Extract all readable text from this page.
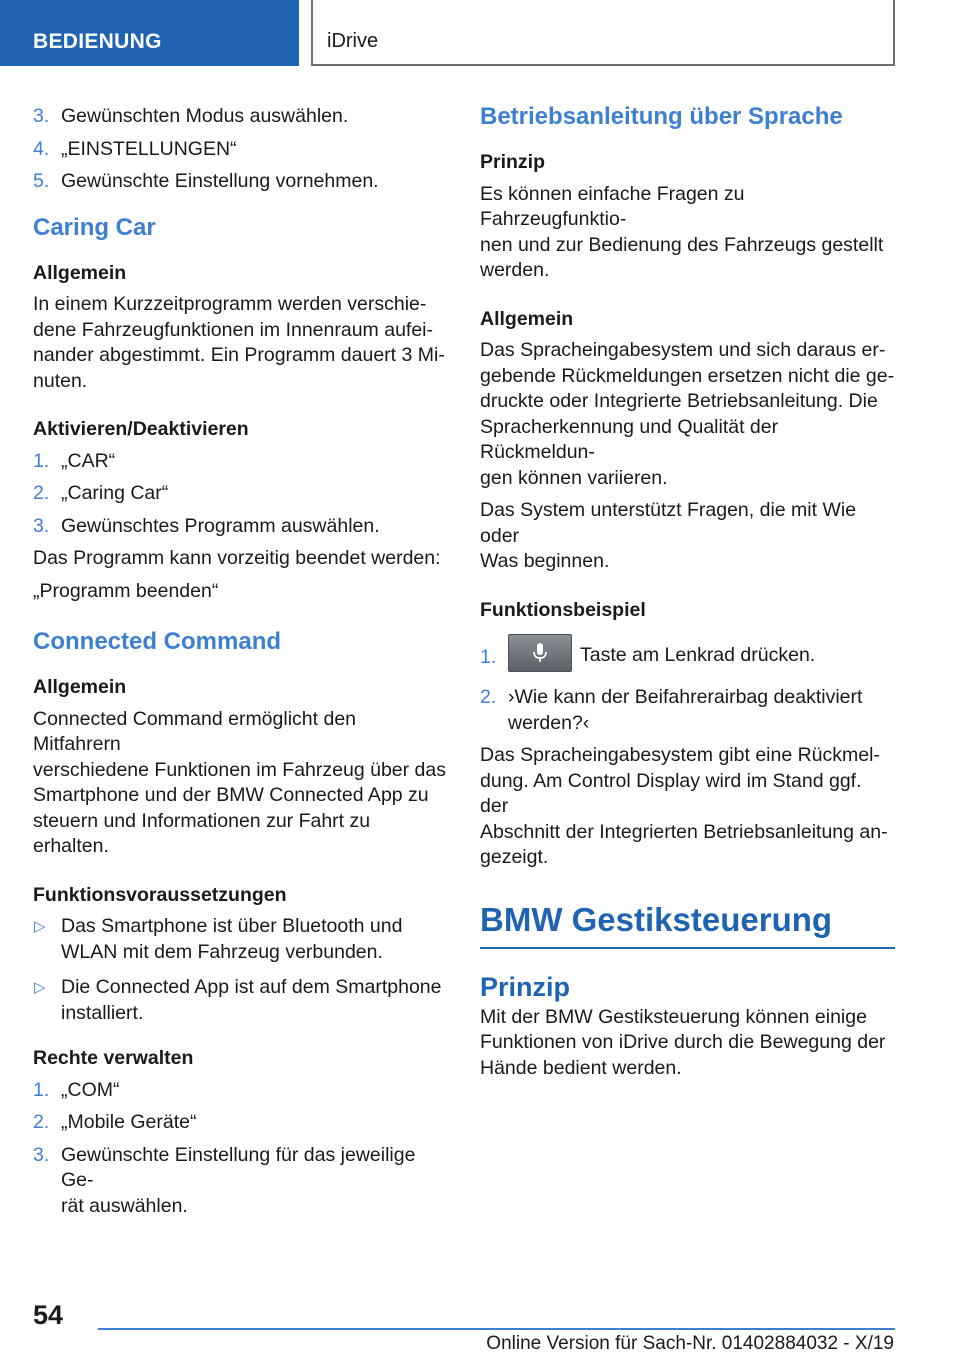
BEDIENUNG	iDrive
3. Gewünschten Modus auswählen.
4. „EINSTELLUNGEN“
5. Gewünschte Einstellung vornehmen.
Caring Car
Allgemein
In einem Kurzzeitprogramm werden verschie-
dene Fahrzeugfunktionen im Innenraum aufei-
nander abgestimmt. Ein Programm dauert 3 Mi-
nuten.
Aktivieren/Deaktivieren
1. „CAR“
2. „Caring Car“
3. Gewünschtes Programm auswählen.
Das Programm kann vorzeitig beendet werden:
„Programm beenden“
Connected Command
Allgemein
Connected Command ermöglicht den Mitfahrern
verschiedene Funktionen im Fahrzeug über das
Smartphone und der BMW Connected App zu
steuern und Informationen zur Fahrt zu erhalten.
Funktionsvoraussetzungen
▷ Das Smartphone ist über Bluetooth und
WLAN mit dem Fahrzeug verbunden.
▷ Die Connected App ist auf dem Smartphone
installiert.
Rechte verwalten
1. „COM“
2. „Mobile Geräte“
3. Gewünschte Einstellung für das jeweilige Ge-
rät auswählen.
Betriebsanleitung über Sprache
Prinzip
Es können einfache Fragen zu Fahrzeugfunktio-
nen und zur Bedienung des Fahrzeugs gestellt
werden.
Allgemein
Das Spracheingabesystem und sich daraus er-
gebende Rückmeldungen ersetzen nicht die ge-
druckte oder Integrierte Betriebsanleitung. Die
Spracherkennung und Qualität der Rückmeldun-
gen können variieren.
Das System unterstützt Fragen, die mit Wie oder
Was beginnen.
Funktionsbeispiel
1.	Taste am Lenkrad drücken.
2. ›Wie kann der Beifahrerairbag deaktiviert
werden?‹
Das Spracheingabesystem gibt eine Rückmel-
dung. Am Control Display wird im Stand ggf. der
Abschnitt der Integrierten Betriebsanleitung an-
gezeigt.
BMW Gestiksteuerung
Prinzip
Mit der BMW Gestiksteuerung können einige
Funktionen von iDrive durch die Bewegung der
Hände bedient werden.
54
Online Version für Sach-Nr. 01402884032 - X/19
